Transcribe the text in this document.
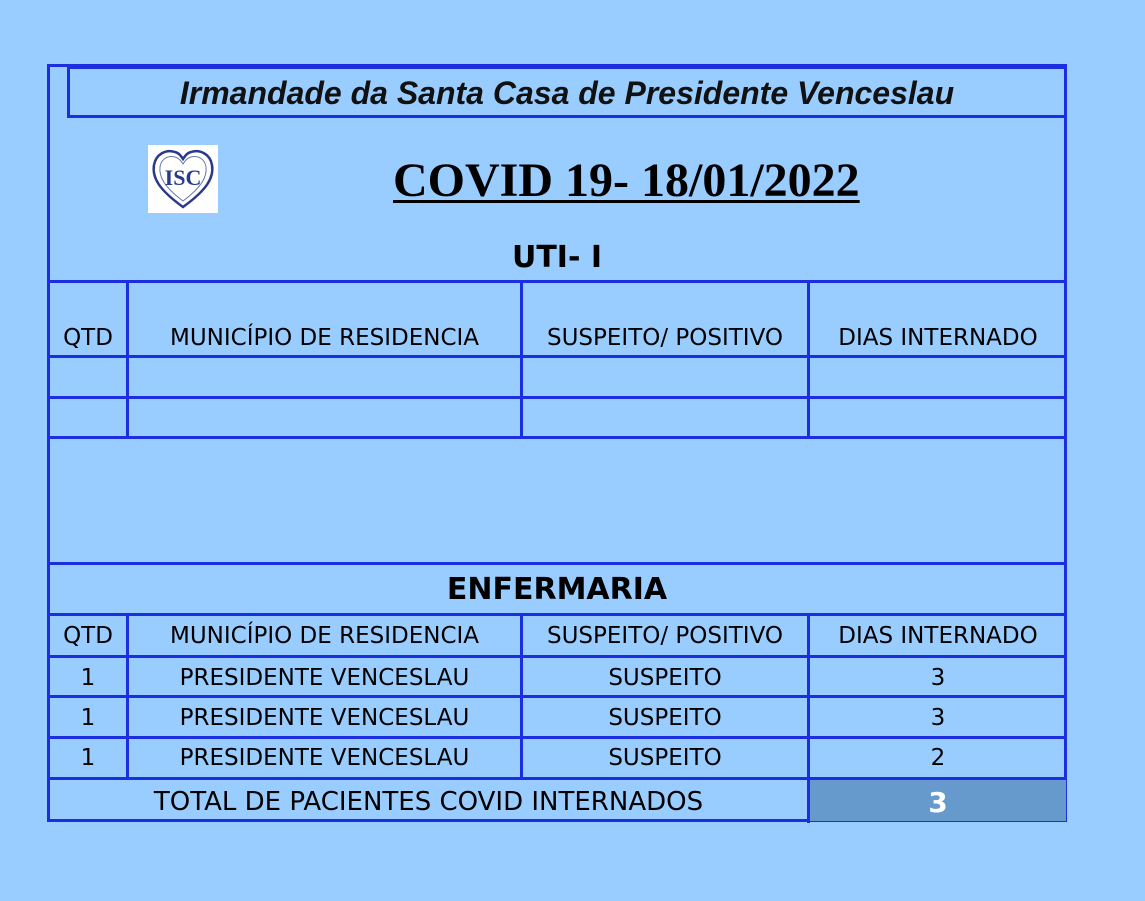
Irmandade da Santa Casa de Presidente Venceslau
ISC	COVID 19- 18/01/2022
UTI- I
QTD	MUNICÍPIO DE RESIDENCIA	SUSPEITO/ POSITIVO	DIAS INTERNADO
ENFERMARIA
QTD	MUNICÍPIO DE RESIDENCIA	SUSPEITO/ POSITIVO	DIAS INTERNADO
1	PRESIDENTE VENCESLAU	SUSPEITO	3
1	PRESIDENTE VENCESLAU	SUSPEITO	3
1	PRESIDENTE VENCESLAU	SUSPEITO	2
TOTAL DE PACIENTES COVID INTERNADOS	3
